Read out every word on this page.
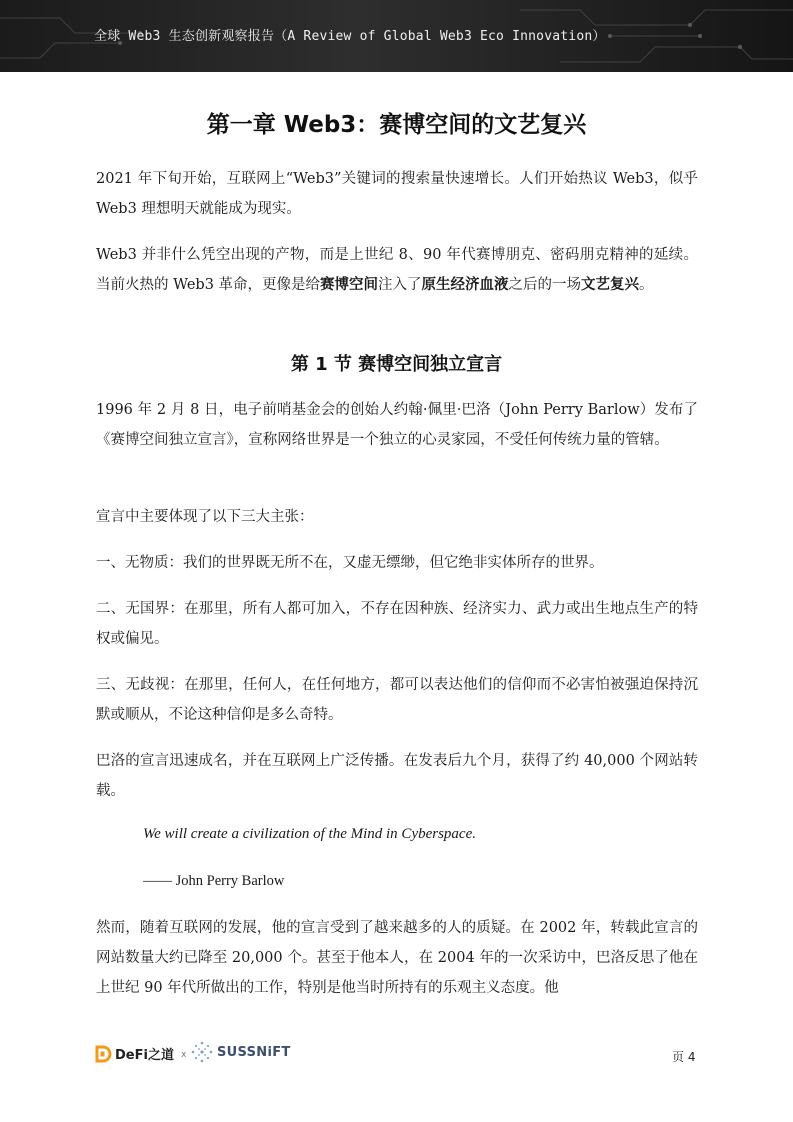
全球 Web3 生态创新观察报告（A Review of Global Web3 Eco Innovation）
第一章 Web3：赛博空间的文艺复兴

2021 年下旬开始，互联网上“Web3”关键词的搜索量快速增长。人们开始热议 Web3，似乎 Web3 理想明天就能成为现实。

Web3 并非什么凭空出现的产物，而是上世纪 8、90 年代赛博朋克、密码朋克精神的延续。当前火热的 Web3 革命，更像是给赛博空间注入了原生经济血液之后的一场文艺复兴。

第 1 节 赛博空间独立宣言

1996 年 2 月 8 日，电子前哨基金会的创始人约翰·佩里·巴洛（John Perry Barlow）发布了《赛博空间独立宣言》，宣称网络世界是一个独立的心灵家园，不受任何传统力量的管辖。

宣言中主要体现了以下三大主张：

一、无物质：我们的世界既无所不在，又虚无缥缈，但它绝非实体所存的世界。

二、无国界：在那里，所有人都可加入，不存在因种族、经济实力、武力或出生地点生产的特权或偏见。

三、无歧视：在那里，任何人，在任何地方，都可以表达他们的信仰而不必害怕被强迫保持沉默或顺从，不论这种信仰是多么奇特。

巴洛的宣言迅速成名，并在互联网上广泛传播。在发表后九个月，获得了约 40,000 个网站转载。

We will create a civilization of the Mind in Cyberspace.
—— John Perry Barlow

然而，随着互联网的发展，他的宣言受到了越来越多的人的质疑。在 2002 年，转载此宣言的网站数量大约已降至 20,000 个。甚至于他本人，在 2004 年的一次采访中，巴洛反思了他在上世纪 90 年代所做出的工作，特别是他当时所持有的乐观主义态度。他

DeFi之道 x SUSSNiFT	页 4
